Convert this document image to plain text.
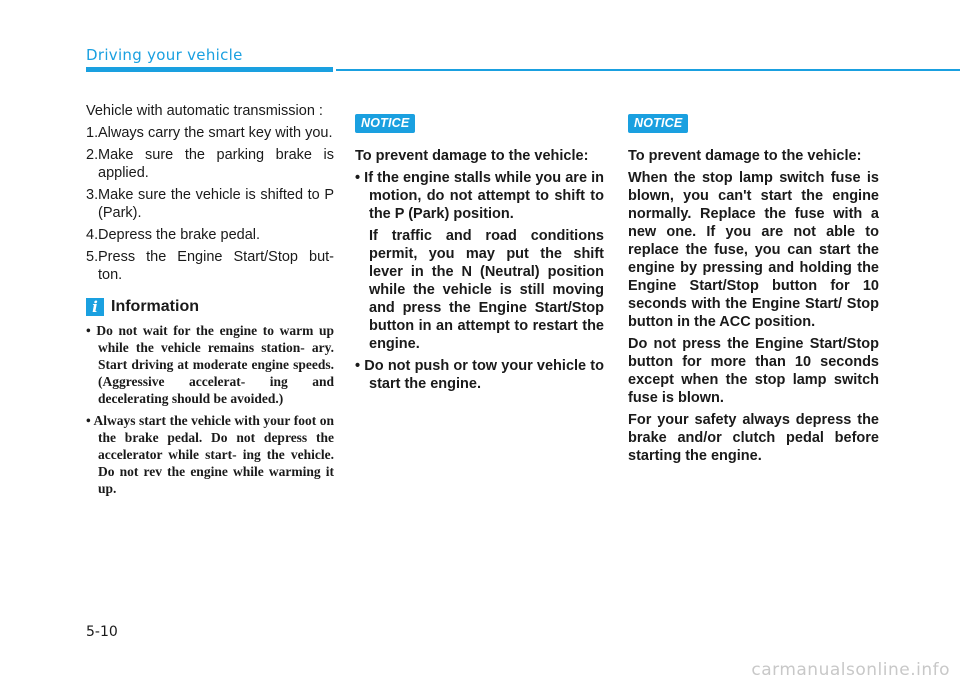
Driving your vehicle

Vehicle with automatic transmission :

1.Always carry the smart key with you.
2.Make sure the parking brake is applied.
3.Make sure the vehicle is shifted to P (Park).
4.Depress the brake pedal.
5.Press the Engine Start/Stop but- ton.
i Information
• Do not wait for the engine to warm up while the vehicle remains station- ary. Start driving at moderate engine speeds. (Aggressive accelerat- ing and decelerating should be avoided.)
• Always start the vehicle with your foot on the brake pedal. Do not depress the accelerator while start- ing the vehicle. Do not rev the engine while warming it up.
NOTICE

To prevent damage to the vehicle:

• If the engine stalls while you are in motion, do not attempt to shift to the P (Park) position.

If traffic and road conditions permit, you may put the shift lever in the N (Neutral) position while the vehicle is still moving and press the Engine Start/Stop button in an attempt to restart the engine.

• Do not push or tow your vehicle to start the engine.
NOTICE

To prevent damage to the vehicle:

When the stop lamp switch fuse is blown, you can't start the engine normally. Replace the fuse with a new one. If you are not able to replace the fuse, you can start the engine by pressing and holding the Engine Start/Stop button for 10 seconds with the Engine Start/ Stop button in the ACC position.

Do not press the Engine Start/Stop button for more than 10 seconds except when the stop lamp switch fuse is blown.

For your safety always depress the brake and/or clutch pedal before starting the engine.

5-10
carmanualsonline.info
